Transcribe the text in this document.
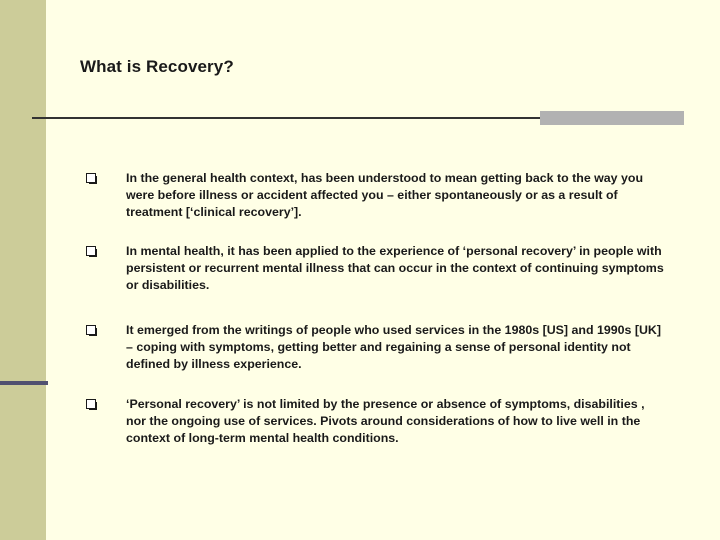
What is Recovery?
In the general health context, has been understood to mean getting back to the way you were before illness or accident affected you – either spontaneously or as a result of treatment [‘clinical recovery’].
In mental health, it has been applied to the experience of ‘personal recovery’ in people with persistent or recurrent mental illness that can occur in the context of continuing symptoms or disabilities.
It emerged from the writings of people who used services in the 1980s [US] and 1990s [UK] – coping with symptoms, getting better and regaining a sense of personal identity not defined by illness experience.
‘Personal recovery’ is not limited by the presence or absence of symptoms, disabilities , nor the ongoing use of services. Pivots around considerations of how to live well in the context of long-term mental health conditions.
